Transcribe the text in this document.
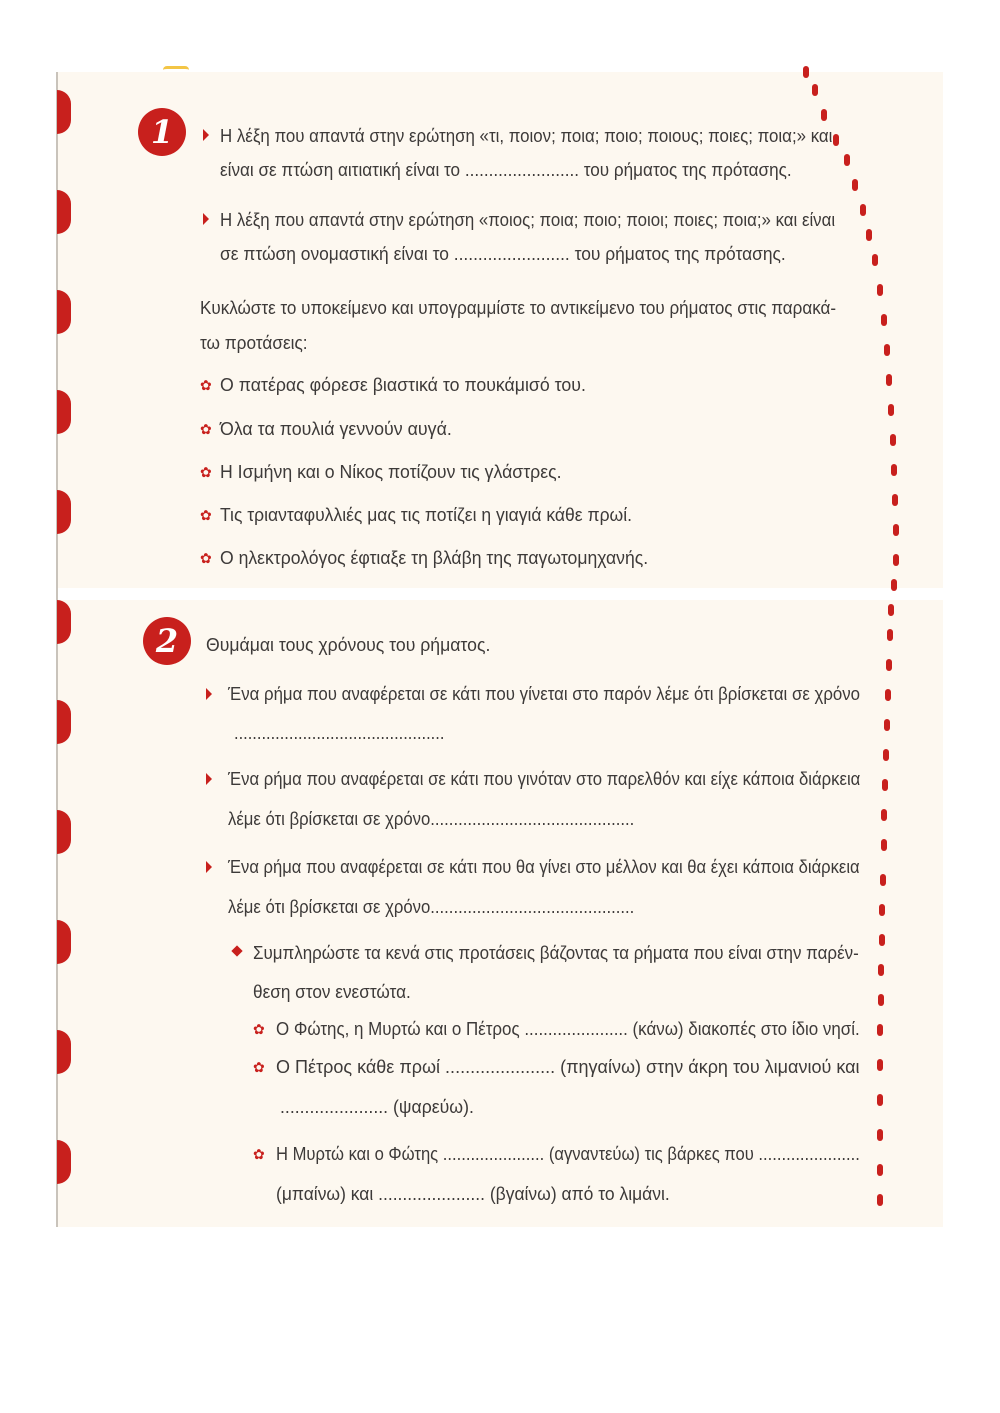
1	Η λέξη που απαντά στην ερώτηση «τι, ποιον; ποια; ποιο; ποιους; ποιες; ποια;» και
είναι σε πτώση αιτιατική είναι το ........................ του ρήματος της πρότασης.
Η λέξη που απαντά στην ερώτηση «ποιος; ποια; ποιο; ποιοι; ποιες; ποια;» και είναι
σε πτώση ονομαστική είναι το ........................ του ρήματος της πρότασης.
Κυκλώστε το υποκείμενο και υπογραμμίστε το αντικείμενο του ρήματος στις παρακά-
τω προτάσεις:
✿ Ο πατέρας φόρεσε βιαστικά το πουκάμισό του.
✿ Όλα τα πουλιά γεννούν αυγά.
✿ Η Ισμήνη και ο Νίκος ποτίζουν τις γλάστρες.
✿ Τις τριανταφυλλιές μας τις ποτίζει η γιαγιά κάθε πρωί.
✿ Ο ηλεκτρολόγος έφτιαξε τη βλάβη της παγωτομηχανής.
2	Θυμάμαι τους χρόνους του ρήματος.
Ένα ρήμα που αναφέρεται σε κάτι που γίνεται στο παρόν λέμε ότι βρίσκεται σε χρόνο
..............................................
Ένα ρήμα που αναφέρεται σε κάτι που γινόταν στο παρελθόν και είχε κάποια διάρκεια
λέμε ότι βρίσκεται σε χρόνο............................................
Ένα ρήμα που αναφέρεται σε κάτι που θα γίνει στο μέλλον και θα έχει κάποια διάρκεια
λέμε ότι βρίσκεται σε χρόνο............................................
Συμπληρώστε τα κενά στις προτάσεις βάζοντας τα ρήματα που είναι στην παρέν-
θεση στον ενεστώτα.
✿ Ο Φώτης, η Μυρτώ και ο Πέτρος ...................... (κάνω) διακοπές στο ίδιο νησί.
✿ Ο Πέτρος κάθε πρωί ...................... (πηγαίνω) στην άκρη του λιμανιού και
...................... (ψαρεύω).
✿ Η Μυρτώ και ο Φώτης ...................... (αγναντεύω) τις βάρκες που ......................
(μπαίνω) και ...................... (βγαίνω) από το λιμάνι.
